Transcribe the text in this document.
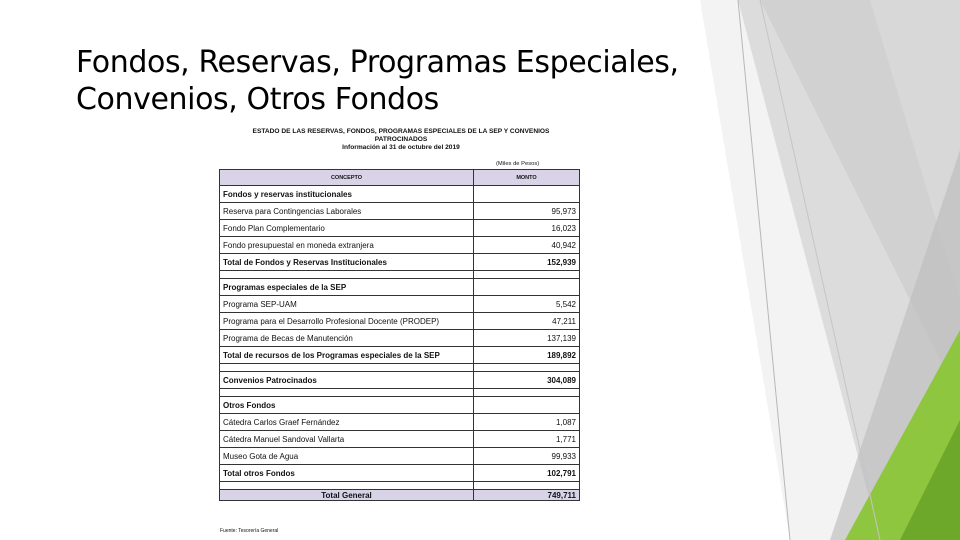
Fondos, Reservas, Programas Especiales,
Convenios, Otros Fondos
ESTADO DE LAS RESERVAS, FONDOS, PROGRAMAS ESPECIALES DE LA SEP Y CONVENIOS
PATROCINADOS
Información al 31 de octubre del 2019
(Miles de Pesos)
CONCEPTO	MONTO
Fondos y reservas institucionales	
Reserva para Contingencias Laborales	95,973
Fondo Plan Complementario	16,023
Fondo presupuestal en moneda extranjera	40,942
Total de Fondos y Reservas Institucionales	152,939

Programas especiales de la SEP	
Programa SEP-UAM	5,542
Programa para el Desarrollo Profesional Docente (PRODEP)	47,211
Programa de Becas de Manutención	137,139
Total de recursos de los Programas especiales de la SEP	189,892

Convenios Patrocinados	304,089

Otros Fondos	
Cátedra Carlos Graef Fernández	1,087
Cátedra Manuel Sandoval Vallarta	1,771
Museo Gota de Agua	99,933
Total otros Fondos	102,791

Total General	749,711
Fuente: Tesorería General
